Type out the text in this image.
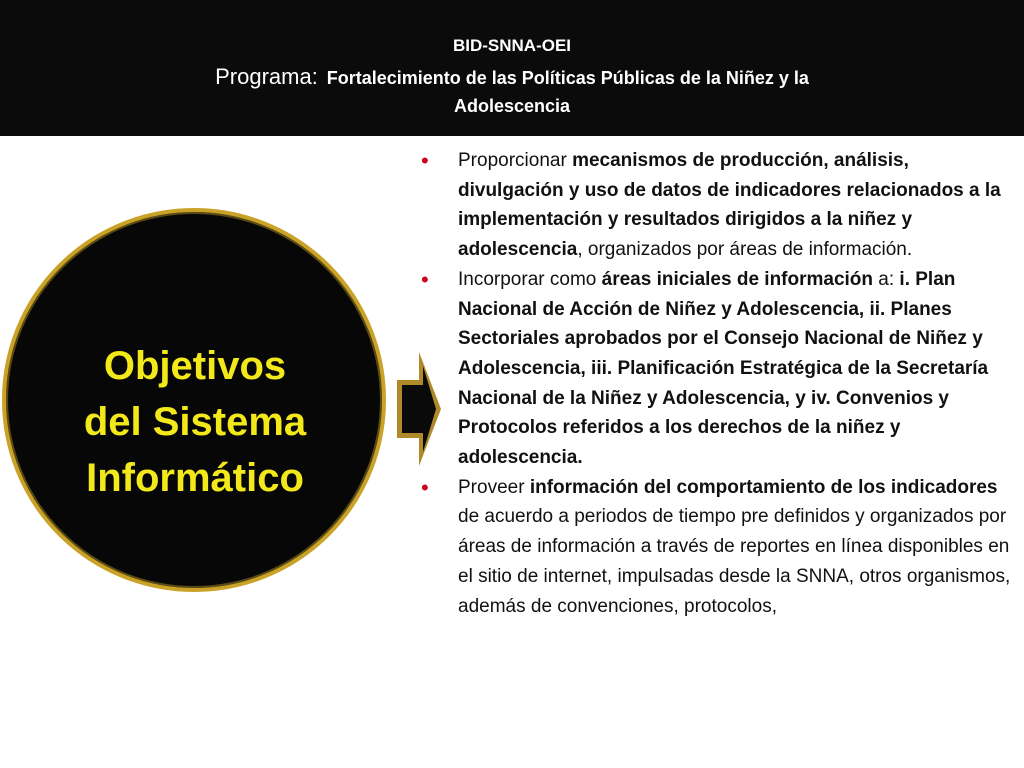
BID-SNNA-OEI
Programa: Fortalecimiento de las Políticas Públicas de la Niñez y la
Adolescencia
Objetivos
del Sistema
Informático
• Proporcionar mecanismos de producción, análisis, divulgación y uso de datos de indicadores relacionados a la implementación y resultados dirigidos a la niñez y adolescencia, organizados por áreas de información.
• Incorporar como áreas iniciales de información a: i. Plan Nacional de Acción de Niñez y Adolescencia, ii. Planes Sectoriales aprobados por el Consejo Nacional de Niñez y Adolescencia, iii. Planificación Estratégica de la Secretaría Nacional de la Niñez y Adolescencia, y iv. Convenios y Protocolos referidos a los derechos de la niñez y adolescencia.
• Proveer información del comportamiento de los indicadores de acuerdo a periodos de tiempo pre definidos y organizados por áreas de información a través de reportes en línea disponibles en el sitio de internet, impulsadas desde la SNNA, otros organismos, además de convenciones, protocolos,
